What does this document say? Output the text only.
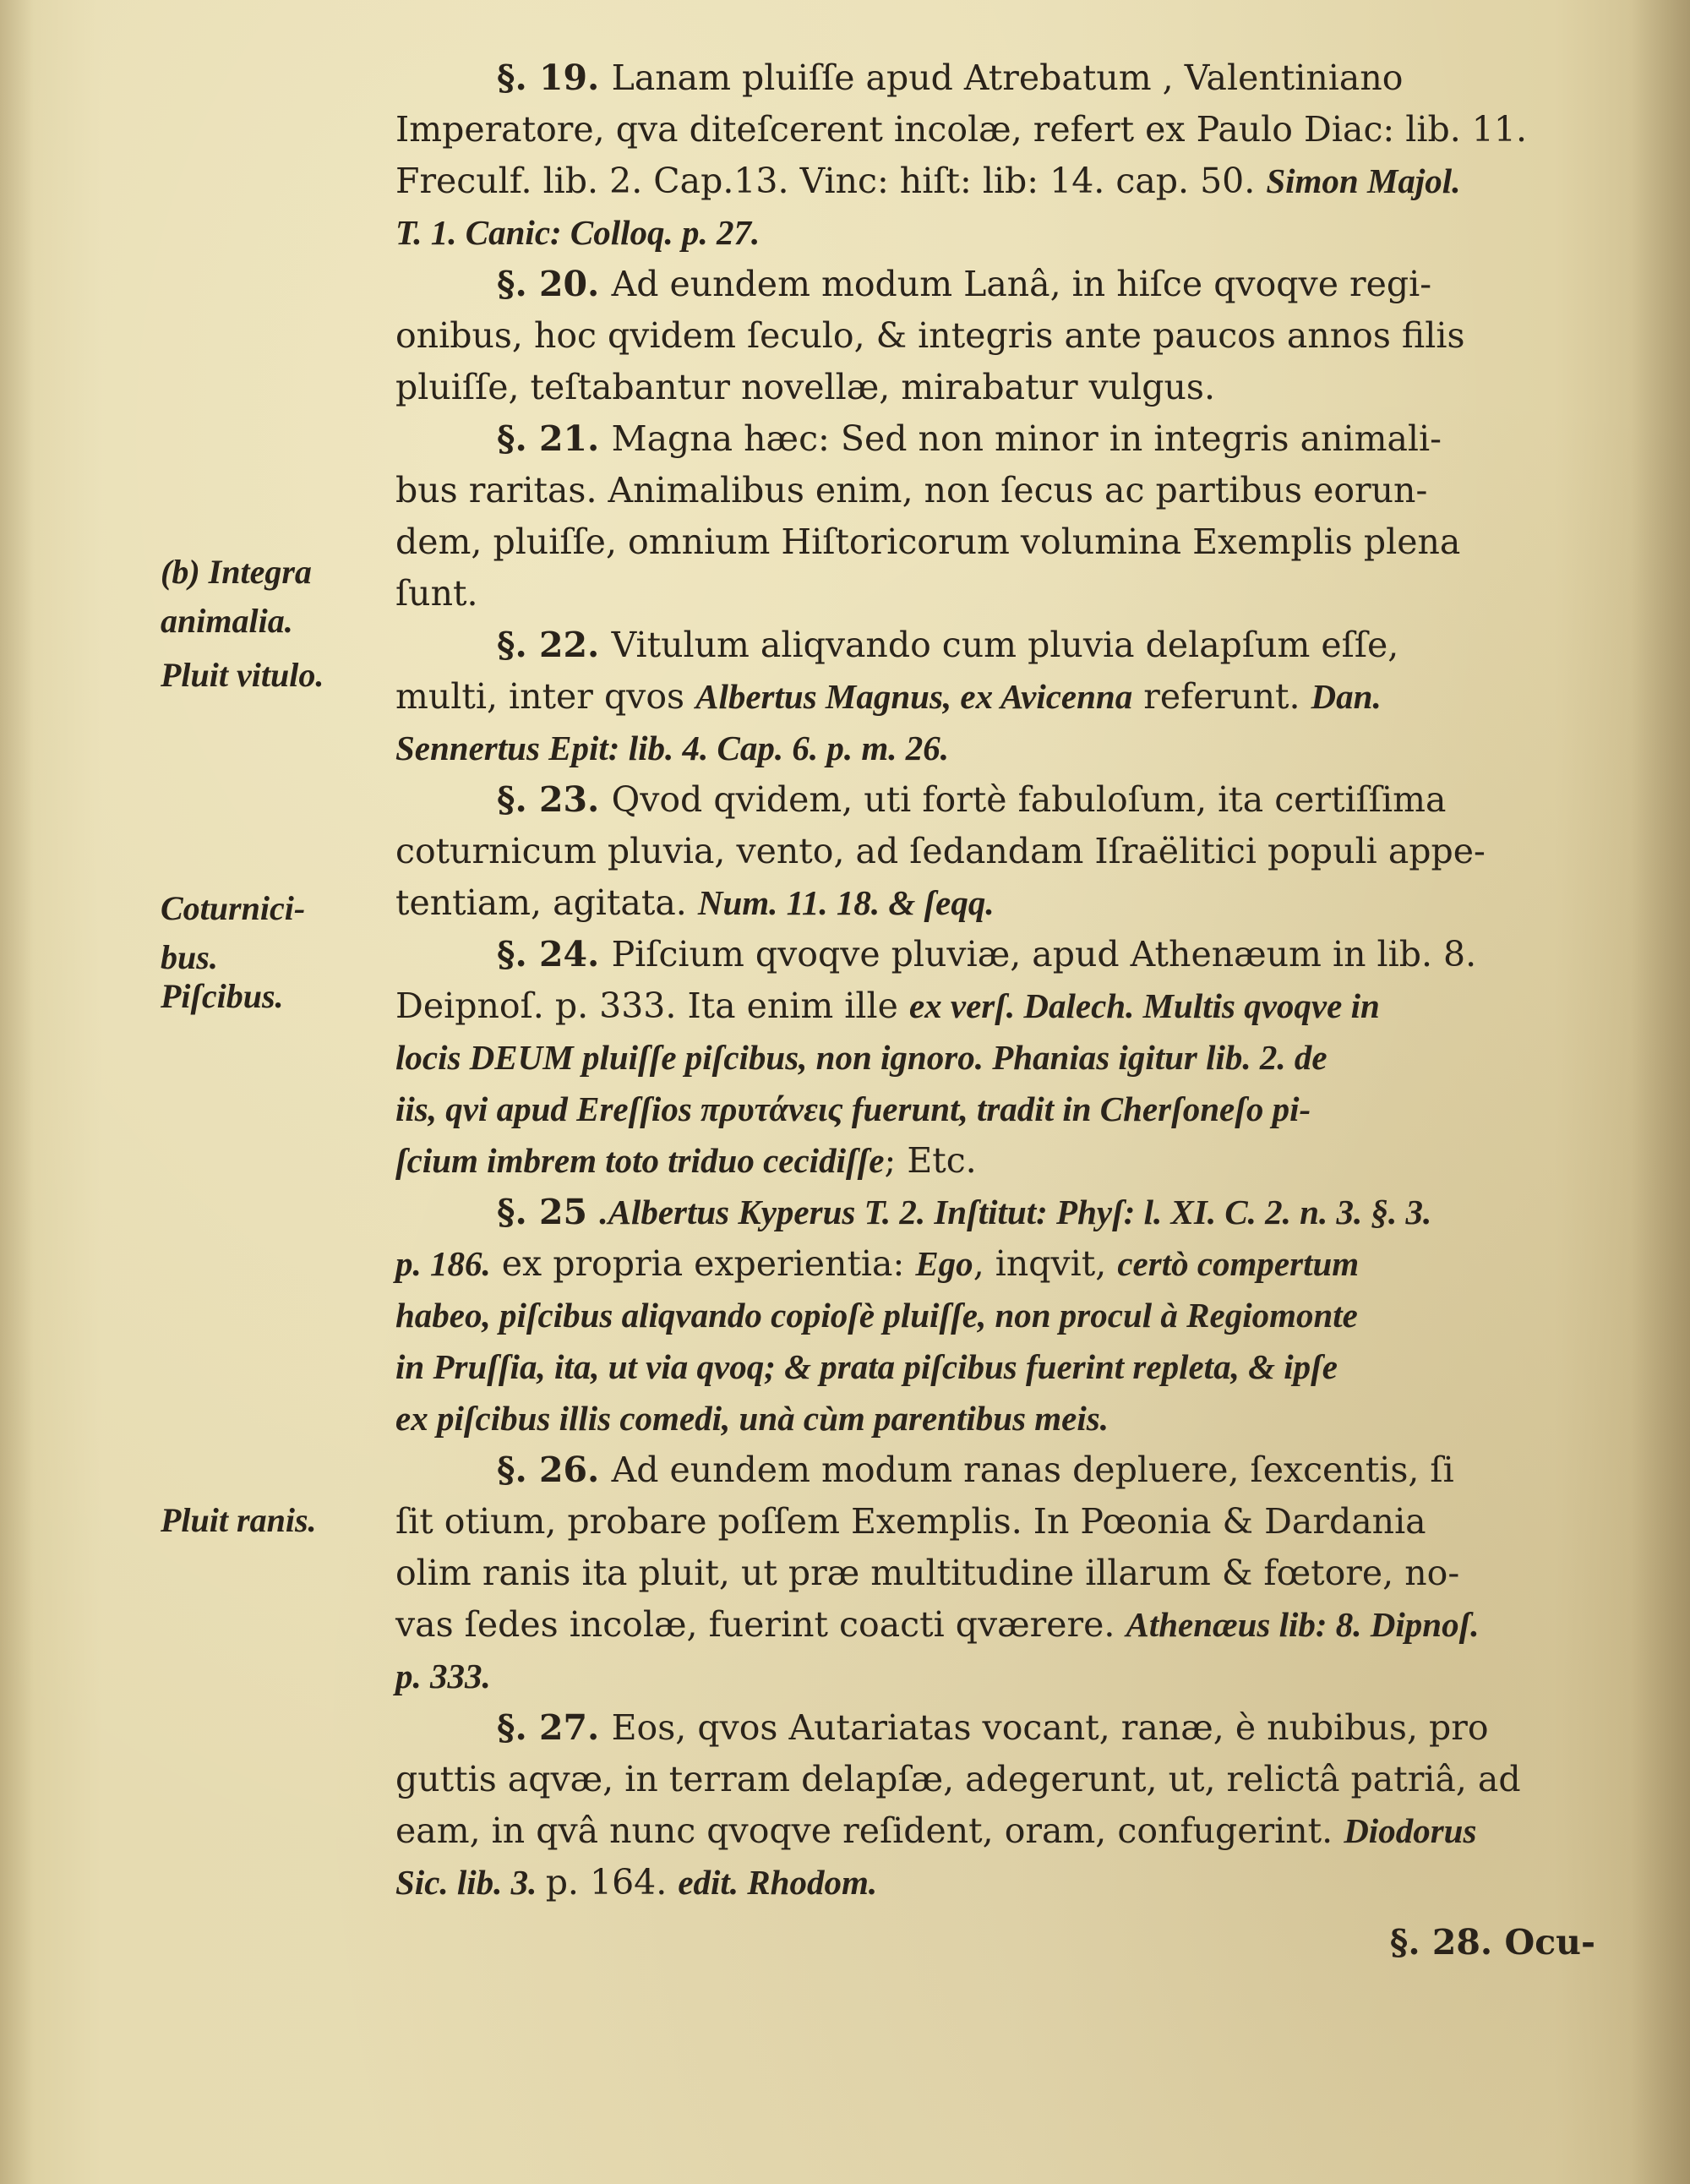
§. 19. Lanam pluiſſe apud Atrebatum , Valentiniano
Imperatore, qva diteſcerent incolæ, refert ex Paulo Diac: lib. 11.
Freculf. lib. 2. Cap.13. Vinc: hiſt: lib: 14. cap. 50. Simon Majol.
T. 1. Canic: Colloq. p. 27.
§. 20. Ad eundem modum Lanâ, in hiſce qvoqve regi-
onibus, hoc qvidem ſeculo, & integris ante paucos annos filis
pluiſſe, teſtabantur novellæ, mirabatur vulgus.
§. 21. Magna hæc: Sed non minor in integris animali-
bus raritas. Animalibus enim, non ſecus ac partibus eorun-
dem, pluiſſe, omnium Hiſtoricorum volumina Exemplis plena
ſunt.
§. 22. Vitulum aliqvando cum pluvia delapſum eſſe,
multi, inter qvos Albertus Magnus, ex Avicenna referunt. Dan.
Sennertus Epit: lib. 4. Cap. 6. p. m. 26.
§. 23. Qvod qvidem, uti fortè fabuloſum, ita certiſſima
coturnicum pluvia, vento, ad ſedandam Iſraëlitici populi appe-
tentiam, agitata. Num. 11. 18. & ſeqq.
§. 24. Piſcium qvoqve pluviæ, apud Athenæum in lib. 8.
Deipnoſ. p. 333. Ita enim ille ex verſ. Dalech. Multis qvoqve in
locis DEUM pluiſſe piſcibus, non ignoro. Phanias igitur lib. 2. de
iis, qvi apud Ereſſios πρυτάνεις fuerunt, tradit in Cherſoneſo pi-
ſcium imbrem toto triduo cecidiſſe; Etc.
§. 25 .Albertus Kyperus T. 2. Inſtitut: Phyſ: l. XI. C. 2. n. 3. §. 3.
p. 186. ex propria experientia: Ego, inqvit, certò compertum
habeo, piſcibus aliqvando copioſè pluiſſe, non procul à Regiomonte
in Pruſſia, ita, ut via qvoq; & prata piſcibus fuerint repleta, & ipſe
ex piſcibus illis comedi, unà cùm parentibus meis.
§. 26. Ad eundem modum ranas depluere, ſexcentis, ſi
ſit otium, probare poſſem Exemplis. In Pœonia & Dardania
olim ranis ita pluit, ut præ multitudine illarum & fœtore, no-
vas ſedes incolæ, fuerint coacti qværere. Athenæus lib: 8. Dipnoſ.
p. 333.
§. 27. Eos, qvos Autariatas vocant, ranæ, è nubibus, pro
guttis aqvæ, in terram delapſæ, adegerunt, ut, relictâ patriâ, ad
eam, in qvâ nunc qvoqve reſident, oram, confugerint. Diodorus
Sic. lib. 3. p. 164. edit. Rhodom.
§. 28. Ocu-
(b) Integra
animalia.
Pluit vitulo.
Coturnici-
bus.
Piſcibus.
Pluit ranis.
